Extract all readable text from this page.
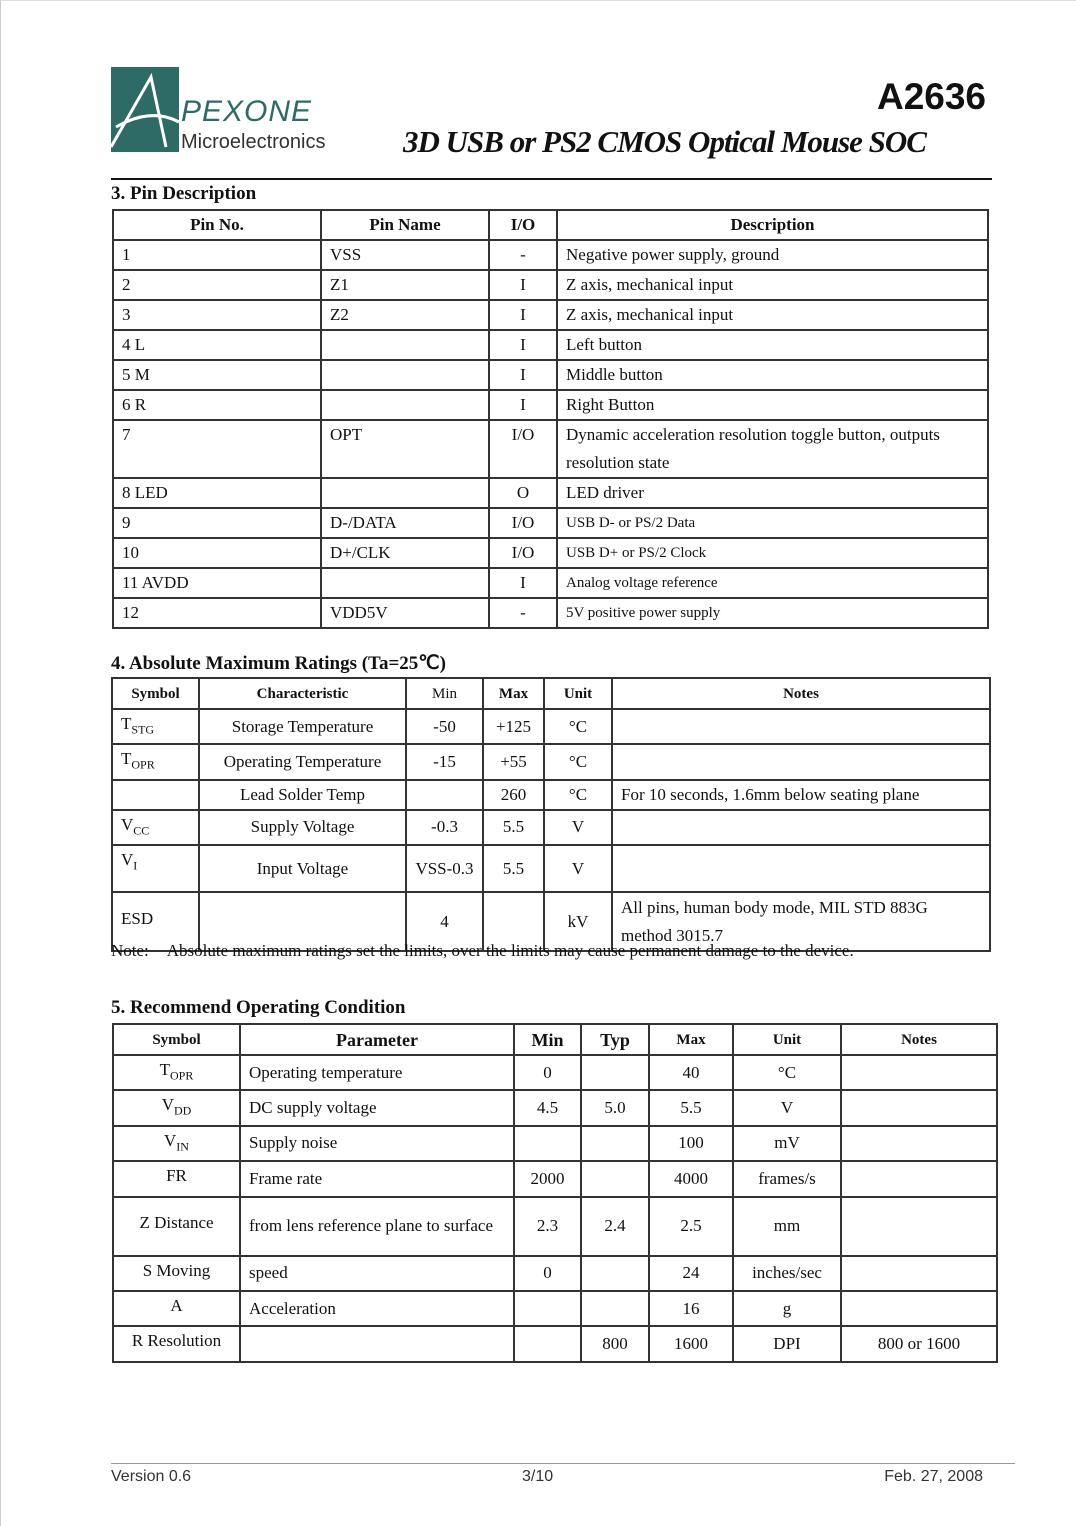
PEXONE
Microelectronics
A2636
3D USB or PS2 CMOS Optical Mouse SOC
3. Pin Description
Pin No.	Pin Name	I/O	Description
1	VSS	-	Negative power supply, ground
2	Z1	I	Z axis, mechanical input
3	Z2	I	Z axis, mechanical input
4 L		I	Left button
5 M		I	Middle button
6 R		I	Right Button
7	OPT	I/O	Dynamic acceleration resolution toggle button, outputs resolution state
8 LED		O	LED driver
9	D-/DATA	I/O	USB D- or PS/2 Data
10	D+/CLK	I/O	USB D+ or PS/2 Clock
11 AVDD		I	Analog voltage reference
12	VDD5V	-	5V positive power supply
4. Absolute Maximum Ratings (Ta=25℃)
Symbol	Characteristic	Min	Max	Unit	Notes
$T_{STG}$	Storage Temperature	-50	+125	°C	
$T_{OPR}$	Operating Temperature	-15	+55	°C	
	Lead Solder Temp		260	°C	For 10 seconds, 1.6mm below seating plane
$V_{CC}$	Supply Voltage	-0.3	5.5	V	
$V_I$	Input Voltage	VSS-0.3	5.5	V	
ESD		4		kV	All pins, human body mode, MIL STD 883G method 3015.7
Note: Absolute maximum ratings set the limits, over the limits may cause permanent damage to the device.
5. Recommend Operating Condition
Symbol	Parameter	Min	Typ	Max	Unit	Notes
$T_{OPR}$	Operating temperature	0		40	°C	
$V_{DD}$	DC supply voltage	4.5	5.0	5.5	V	
$V_{IN}$	Supply noise			100	mV	
FR	Frame rate	2000		4000	frames/s	
Z Distance	from lens reference plane to surface	2.3	2.4	2.5	mm	
S Moving	speed	0		24	inches/sec	
A	Acceleration			16	g	
R Resolution			800	1600	DPI	800 or 1600
Version 0.6	3/10	Feb. 27, 2008
